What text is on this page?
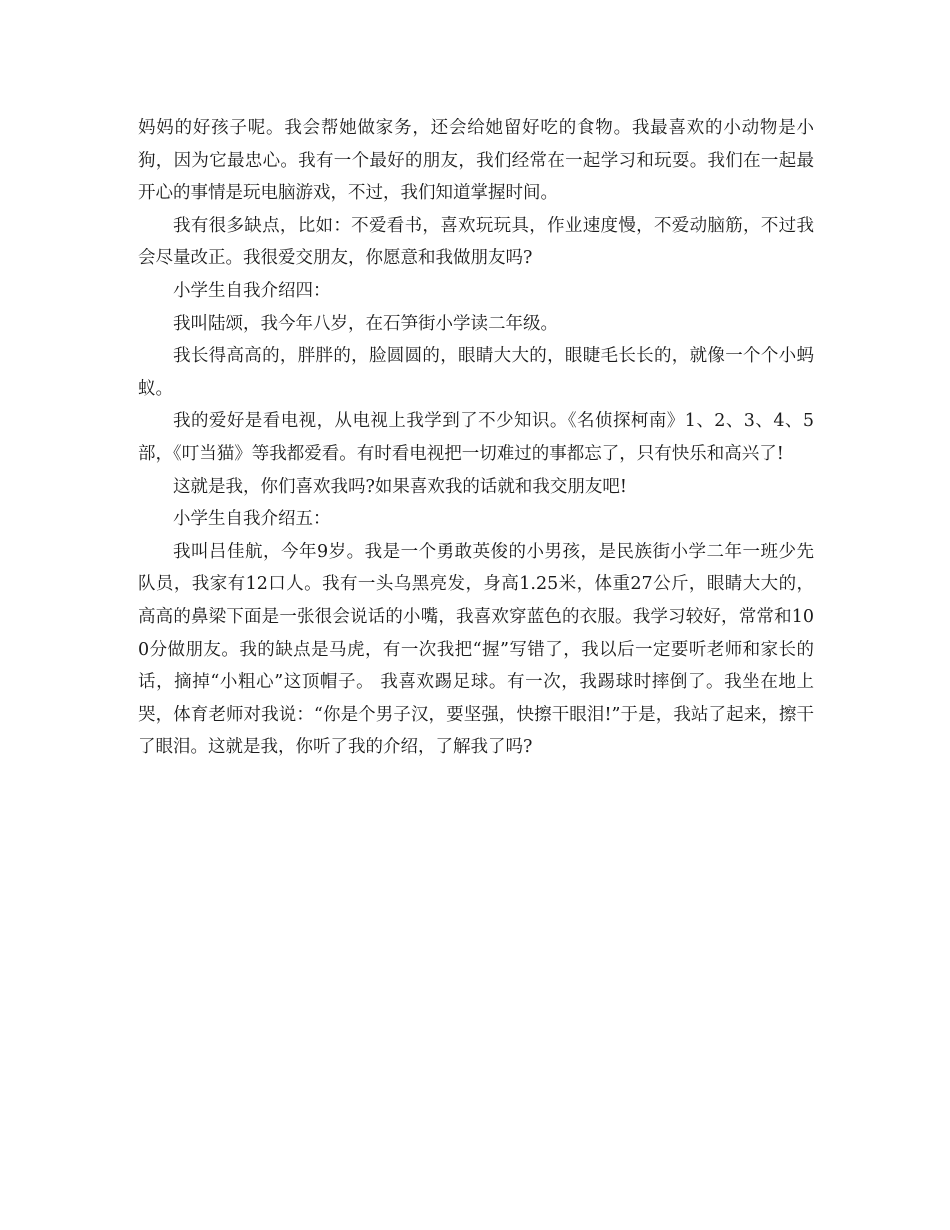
妈妈的好孩子呢。我会帮她做家务，还会给她留好吃的食物。我最喜欢的小动物是小狗，因为它最忠心。我有一个最好的朋友，我们经常在一起学习和玩耍。我们在一起最开心的事情是玩电脑游戏，不过，我们知道掌握时间。

我有很多缺点，比如：不爱看书，喜欢玩玩具，作业速度慢，不爱动脑筋，不过我会尽量改正。我很爱交朋友，你愿意和我做朋友吗?

小学生自我介绍四：

我叫陆颂，我今年八岁，在石笋街小学读二年级。

我长得高高的，胖胖的，脸圆圆的，眼睛大大的，眼睫毛长长的，就像一个个小蚂蚁。

我的爱好是看电视，从电视上我学到了不少知识。《名侦探柯南》1、2、3、4、5部，《叮当猫》等我都爱看。有时看电视把一切难过的事都忘了，只有快乐和高兴了!

这就是我，你们喜欢我吗?如果喜欢我的话就和我交朋友吧!

小学生自我介绍五：

我叫吕佳航，今年9岁。我是一个勇敢英俊的小男孩，是民族街小学二年一班少先队员，我家有12口人。我有一头乌黑亮发，身高1.25米，体重27公斤，眼睛大大的，高高的鼻梁下面是一张很会说话的小嘴，我喜欢穿蓝色的衣服。我学习较好，常常和100分做朋友。我的缺点是马虎，有一次我把“握”写错了，我以后一定要听老师和家长的话，摘掉“小粗心”这顶帽子。 我喜欢踢足球。有一次，我踢球时摔倒了。我坐在地上哭，体育老师对我说：“你是个男子汉，要坚强，快擦干眼泪!”于是，我站了起来，擦干了眼泪。这就是我，你听了我的介绍，了解我了吗?
